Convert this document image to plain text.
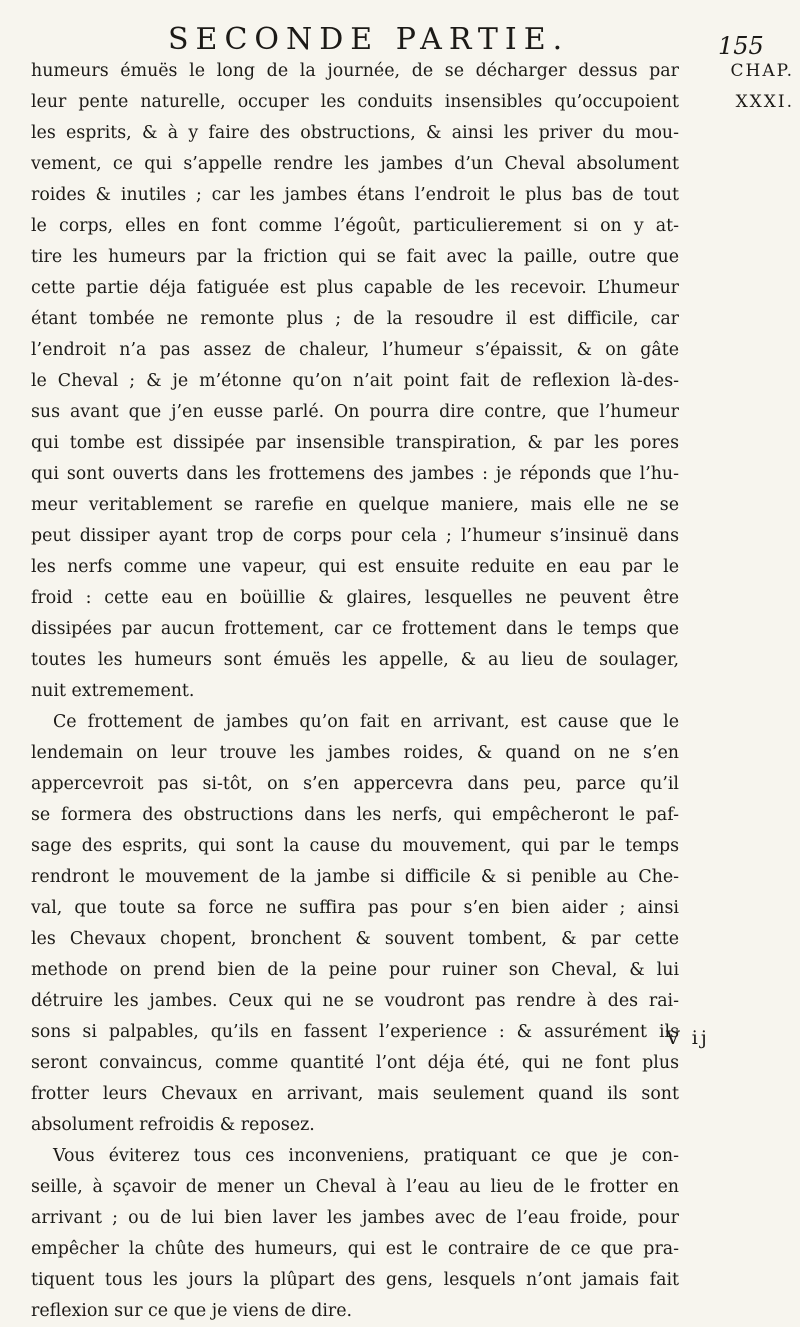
SECONDE PARTIE.	155
CHAP.
XXXI.
humeurs émuës le long de la journée, de se décharger dessus par
leur pente naturelle, occuper les conduits insensibles qu’occupoient
les esprits, & à y faire des obstructions, & ainsi les priver du mou-
vement, ce qui s’appelle rendre les jambes d’un Cheval absolument
roides & inutiles ; car les jambes étans l’endroit le plus bas de tout
le corps, elles en font comme l’égoût, particulierement si on y at-
tire les humeurs par la friction qui se fait avec la paille, outre que
cette partie déja fatiguée est plus capable de les recevoir. L’humeur
étant tombée ne remonte plus ; de la resoudre il est difficile, car
l’endroit n’a pas assez de chaleur, l’humeur s’épaissit, & on gâte
le Cheval ; & je m’étonne qu’on n’ait point fait de reflexion là-des-
sus avant que j’en eusse parlé. On pourra dire contre, que l’humeur
qui tombe est dissipée par insensible transpiration, & par les pores
qui sont ouverts dans les frottemens des jambes : je réponds que l’hu-
meur veritablement se rarefie en quelque maniere, mais elle ne se
peut dissiper ayant trop de corps pour cela ; l’humeur s’insinuë dans
les nerfs comme une vapeur, qui est ensuite reduite en eau par le
froid : cette eau en boüillie & glaires, lesquelles ne peuvent être
dissipées par aucun frottement, car ce frottement dans le temps que
toutes les humeurs sont émuës les appelle, & au lieu de soulager,
nuit extremement.
Ce frottement de jambes qu’on fait en arrivant, est cause que le
lendemain on leur trouve les jambes roides, & quand on ne s’en
appercevroit pas si-tôt, on s’en appercevra dans peu, parce qu’il
se formera des obstructions dans les nerfs, qui empêcheront le paf-
sage des esprits, qui sont la cause du mouvement, qui par le temps
rendront le mouvement de la jambe si difficile & si penible au Che-
val, que toute sa force ne suffira pas pour s’en bien aider ; ainsi
les Chevaux chopent, bronchent & souvent tombent, & par cette
methode on prend bien de la peine pour ruiner son Cheval, & lui
détruire les jambes. Ceux qui ne se voudront pas rendre à des rai-
sons si palpables, qu’ils en fassent l’experience : & assurément ils
seront convaincus, comme quantité l’ont déja été, qui ne font plus
frotter leurs Chevaux en arrivant, mais seulement quand ils sont
absolument refroidis & reposez.
Vous éviterez tous ces inconveniens, pratiquant ce que je con-
seille, à sçavoir de mener un Cheval à l’eau au lieu de le frotter en
arrivant ; ou de lui bien laver les jambes avec de l’eau froide, pour
empêcher la chûte des humeurs, qui est le contraire de ce que pra-
tiquent tous les jours la plûpart des gens, lesquels n’ont jamais fait
reflexion sur ce que je viens de dire.
V ij
